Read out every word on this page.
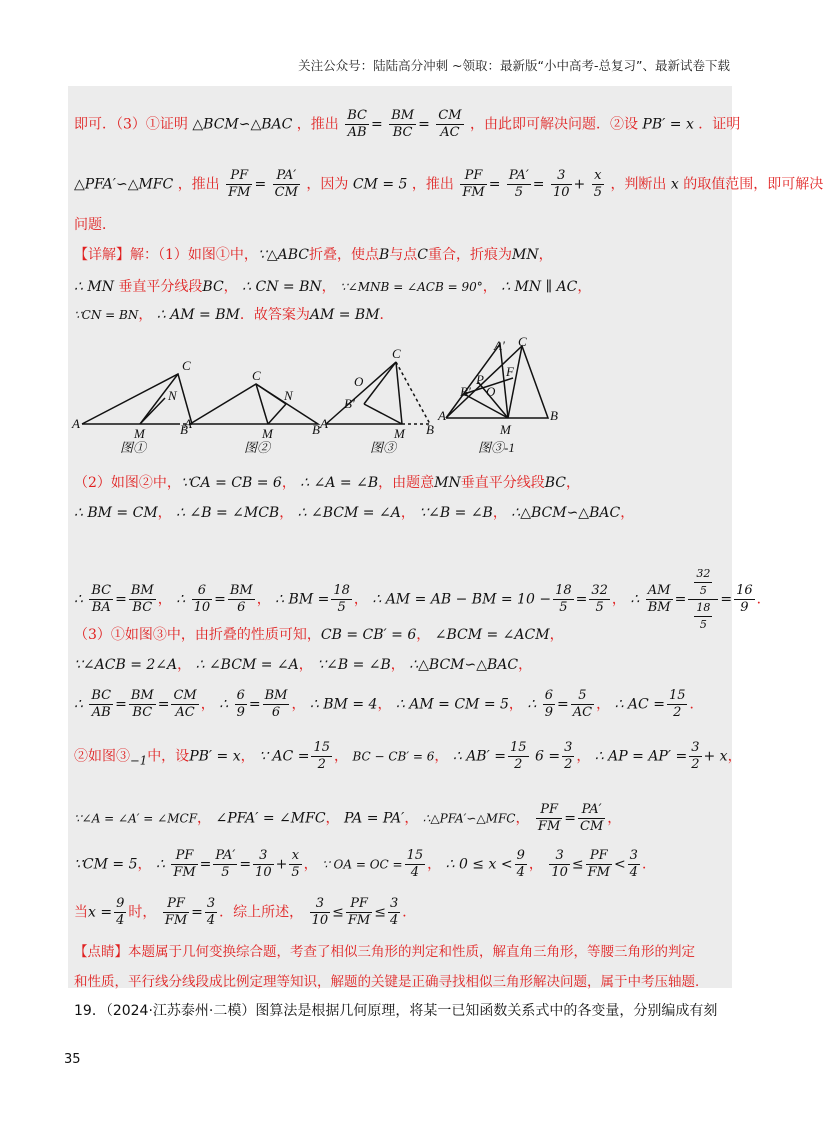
关注公众号：陆陆高分冲刺 ~领取：最新版“小中高考-总复习”、最新试卷下载
即可．（3）①证明 △BCM∽△BAC ，推出 $\frac{BC}{AB} = \frac{BM}{BC} = \frac{CM}{AC}$ ，由此即可解决问题．②设 PB′ = x ．证明
△PFA′∽△MFC ，推出 $\frac{PF}{FM} = \frac{PA'}{CM}$ ，因为 CM = 5 ，推出 $\frac{PF}{FM} = \frac{PA'}{5} = \frac{3}{10} + \frac{x}{5}$ ，判断出 x 的取值范围，即可解决
问题．
【详解】解：（1）如图①中，∵△ABC折叠，使点B与点C重合，折痕为MN，
∴ MN 垂直平分线段BC， ∴ CN = BN， ∵∠MNB = ∠ACB = 90°， ∴ MN ∥ AC，
∵CN = BN， ∴ AM = BM．故答案为AM = BM．
A
C
N
M	B
A
C
N
M	B A
C
O
B′
M B
A
A′ C
P
B′
F
O
M
B
图①	图②	图③	图③-1
（2）如图②中，∵CA = CB = 6， ∴ ∠A = ∠B，由题意MN垂直平分线段BC，
∴ BM = CM， ∴ ∠B = ∠MCB， ∴ ∠BCM = ∠A， ∵∠B = ∠B， ∴△BCM∽△BAC，
∴ $\frac{BC}{BA} = \frac{BM}{BC}$ ， ∴ $\frac{6}{10} = \frac{BM}{6}$ ， ∴ BM = $\frac{18}{5}$ ， ∴ AM = AB − BM = $10 - \frac{18}{5} = \frac{32}{5}$ ， ∴ $\frac{AM}{BM} = 32$
5
18
$5 = \frac{16}{9}$ ．
（3）①如图③中，由折叠的性质可知，CB = CB′ = 6， ∠BCM = ∠ACM，
∵∠ACB = 2∠A， ∴ ∠BCM = ∠A， ∵∠B = ∠B， ∴△BCM∽△BAC，
∴ $\frac{BC}{AB} = \frac{BM}{BC} = \frac{CM}{AC}$ ， ∴ $\frac{6}{9} = \frac{BM}{6}$ ， ∴ BM = 4， ∴ AM = CM = 5， ∴ $\frac{6}{9} = \frac{5}{AC}$ ， ∴ AC = $\frac{15}{2}$ ．
②如图$③_{-1}$中，设PB′ = x， ∵ AC = $\frac{15}{2}$ ， BC − CB′ = 6， ∴ $AB' = \frac{15}{2} 6 = \frac{3}{2}$ ， ∴ AP = $AP' = \frac{3}{2} + x$，
∵∠A = ∠A′ = ∠MCF， ∠PFA′ = ∠MFC， PA = PA′， ∴△PFA′∽△MFC， $\frac{PF}{FM} = \frac{PA'}{CM}$ ，
∵CM = 5， ∴ $\frac{PF}{FM} = \frac{PA'}{5} = \frac{3}{10} + \frac{x}{5}$ ， ∵ OA = OC = $\frac{15}{4}$ ， ∴ $0 \le x < \frac{9}{4}$ ， $\frac{3}{10} \le \frac{PF}{FM} < \frac{3}{4}$ ．
当$x = \frac{9}{4}$ 时， $\frac{PF}{FM} = \frac{3}{4}$ ．综上所述， $\frac{3}{10} \le \frac{PF}{FM} \le \frac{3}{4}$ ．
【点睛】本题属于几何变换综合题，考查了相似三角形的判定和性质，解直角三角形，等腰三角形的判定
和性质，平行线分线段成比例定理等知识，解题的关键是正确寻找相似三角形解决问题，属于中考压轴题．
19．（2024·江苏泰州·二模）图算法是根据几何原理，将某一已知函数关系式中的各变量，分别编成有刻
35
